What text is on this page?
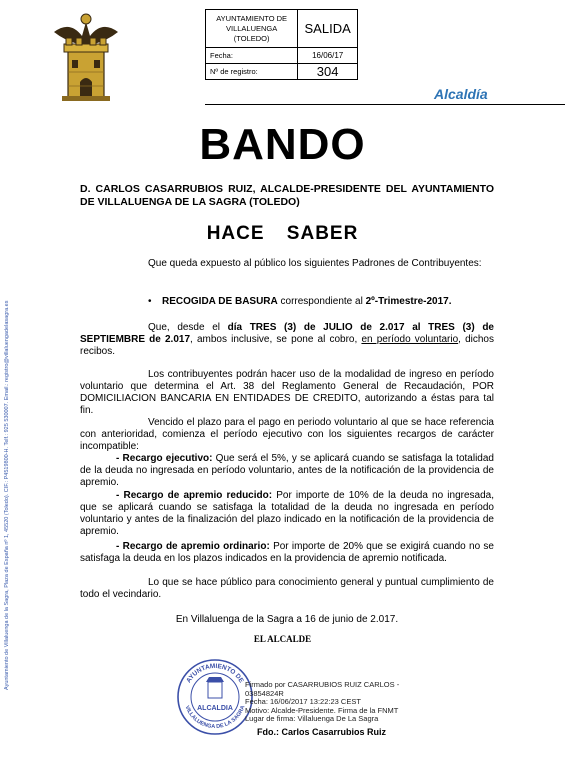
AYUNTAMIENTO DE VILLALUENGA (TOLEDO)	SALIDA
Fecha:	16/06/17
Nº de registro:	304
Alcaldía
Ayuntamiento de Villaluenga de la Sagra, Plaza de España nº 1, 45520 (Toledo). CIF.: P4519800-H. Telf.: 925 530007. Email.: registro@villaluengadelasagra.es
BANDO
D. CARLOS CASARRUBIOS RUIZ, ALCALDE-PRESIDENTE DEL AYUNTAMIENTO DE VILLALUENGA DE LA SAGRA (TOLEDO)
HACE SABER
Que queda expuesto al público los siguientes Padrones de Contribuyentes:
• RECOGIDA DE BASURA correspondiente al 2º-Trimestre-2017.
Que, desde el día TRES (3) de JULIO de 2.017 al TRES (3) de SEPTIEMBRE de 2.017, ambos inclusive, se pone al cobro, en período voluntario, dichos recibos.
Los contribuyentes podrán hacer uso de la modalidad de ingreso en período voluntario que determina el Art. 38 del Reglamento General de Recaudación, POR DOMICILIACION BANCARIA EN ENTIDADES DE CREDITO, autorizando a éstas para tal fin.
Vencido el plazo para el pago en periodo voluntario al que se hace referencia con anterioridad, comienza el período ejecutivo con los siguientes recargos de carácter incompatible:
- Recargo ejecutivo: Que será el 5%, y se aplicará cuando se satisfaga la totalidad de la deuda no ingresada en período voluntario, antes de la notificación de la providencia de apremio.
- Recargo de apremio reducido: Por importe de 10% de la deuda no ingresada, que se aplicará cuando se satisfaga la totalidad de la deuda no ingresada en período voluntario y antes de la finalización del plazo indicado en la notificación de la providencia de apremio.
- Recargo de apremio ordinario: Por importe de 20% que se exigirá cuando no se satisfaga la deuda en los plazos indicados en la providencia de apremio notificada.
Lo que se hace público para conocimiento general y puntual cumplimiento de todo el vecindario.
En Villaluenga de la Sagra a 16 de junio de 2.017.
EL ALCALDE
AYUNTAMIENTO DE
VILLALUENGA DE LA SAGRA
ALCALDIA
Firmado por CASARRUBIOS RUIZ CARLOS -
03854824R
Fecha: 16/06/2017 13:22:23 CEST
Motivo: Alcalde-Presidente. Firma de la FNMT
Lugar de firma: Villaluenga De La Sagra
Fdo.: Carlos Casarrubios Ruiz
